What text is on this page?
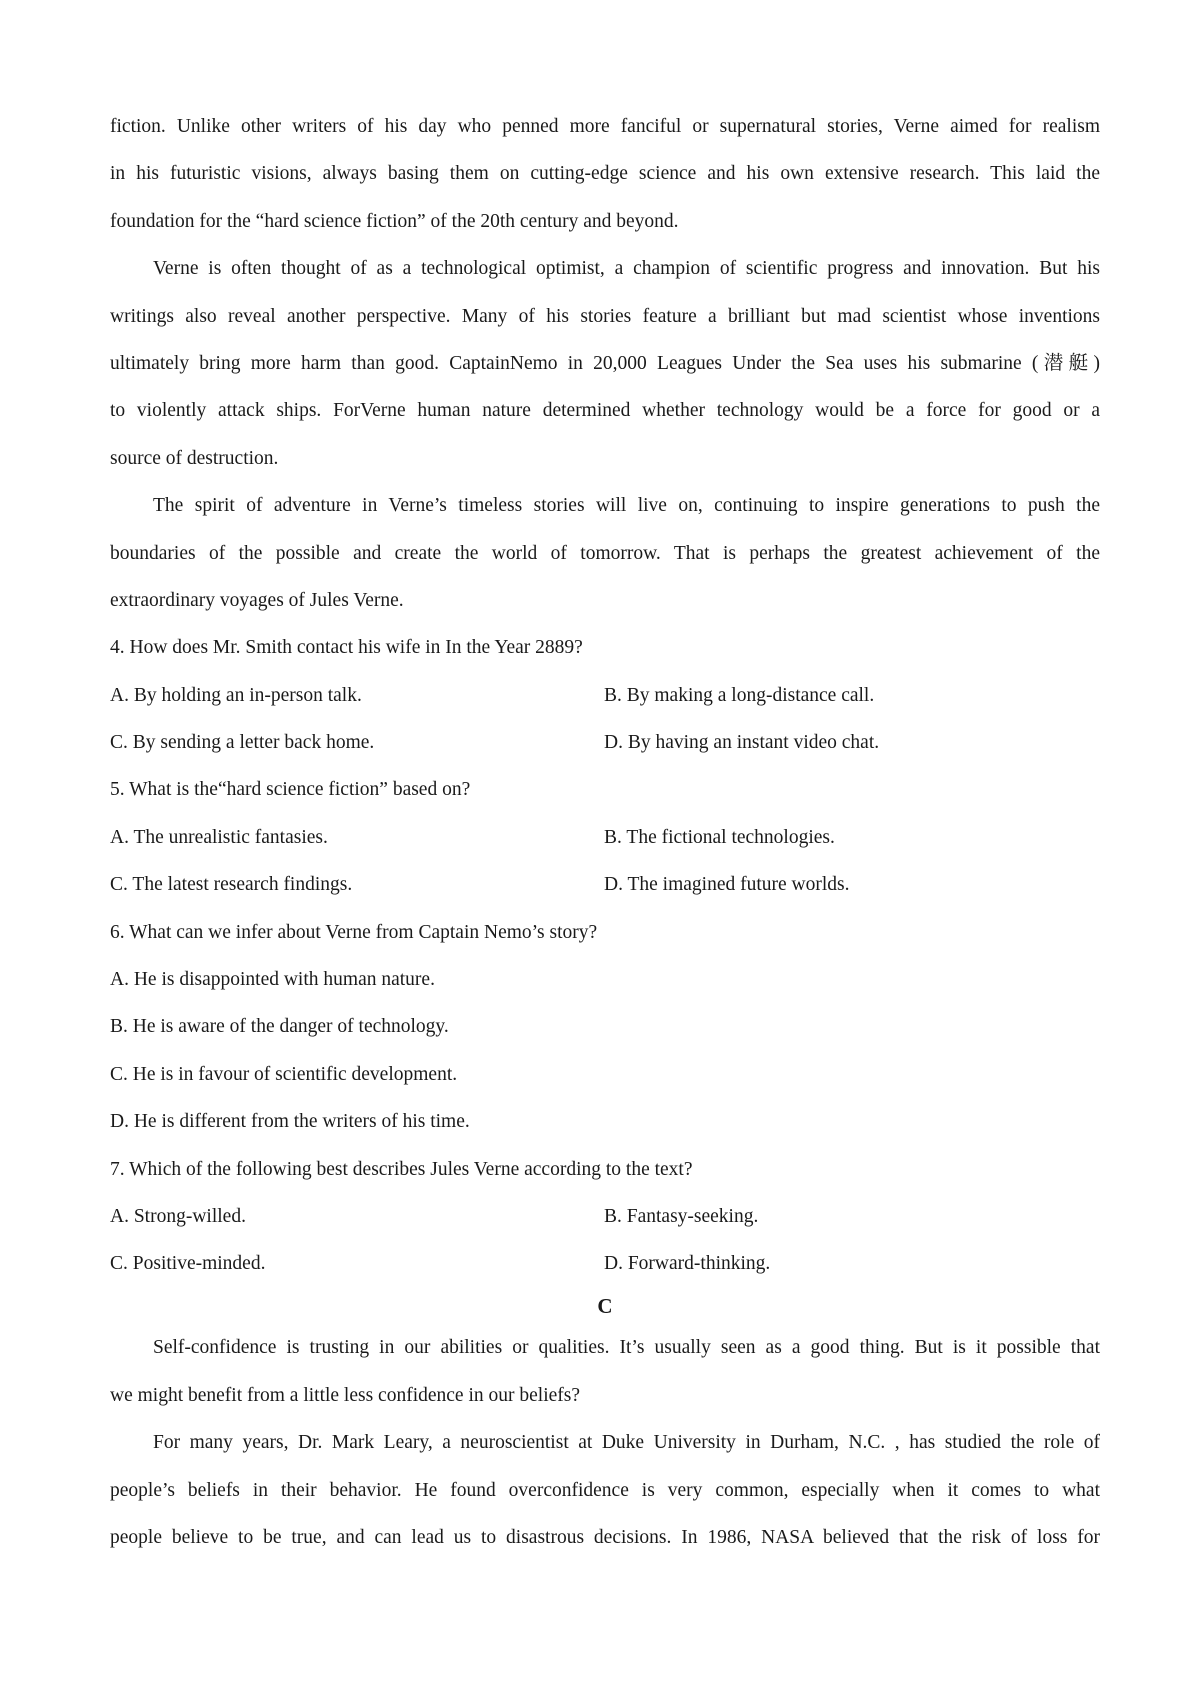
fiction. Unlike other writers of his day who penned more fanciful or supernatural stories, Verne aimed for realism
in his futuristic visions, always basing them on cutting-edge science and his own extensive research. This laid the
foundation for the “hard science fiction” of the 20th century and beyond.
Verne is often thought of as a technological optimist, a champion of scientific progress and innovation. But his
writings also reveal another perspective. Many of his stories feature a brilliant but mad scientist whose inventions
ultimately bring more harm than good. CaptainNemo in 20,000 Leagues Under the Sea uses his submarine (潜艇)
to violently attack ships. ForVerne human nature determined whether technology would be a force for good or a
source of destruction.
The spirit of adventure in Verne’s timeless stories will live on, continuing to inspire generations to push the
boundaries of the possible and create the world of tomorrow. That is perhaps the greatest achievement of the
extraordinary voyages of Jules Verne.
4. How does Mr. Smith contact his wife in In the Year 2889?
A. By holding an in-person talk.	B. By making a long-distance call.
C. By sending a letter back home.	D. By having an instant video chat.
5. What is the“hard science fiction” based on?
A. The unrealistic fantasies.	B. The fictional technologies.
C. The latest research findings.	D. The imagined future worlds.
6. What can we infer about Verne from Captain Nemo’s story?
A. He is disappointed with human nature.
B. He is aware of the danger of technology.
C. He is in favour of scientific development.
D. He is different from the writers of his time.
7. Which of the following best describes Jules Verne according to the text?
A. Strong-willed.	B. Fantasy-seeking.
C. Positive-minded.	D. Forward-thinking.
C
Self-confidence is trusting in our abilities or qualities. It’s usually seen as a good thing. But is it possible that
we might benefit from a little less confidence in our beliefs?
For many years, Dr. Mark Leary, a neuroscientist at Duke University in Durham, N.C. , has studied the role of
people’s beliefs in their behavior. He found overconfidence is very common, especially when it comes to what
people believe to be true, and can lead us to disastrous decisions. In 1986, NASA believed that the risk of loss for
